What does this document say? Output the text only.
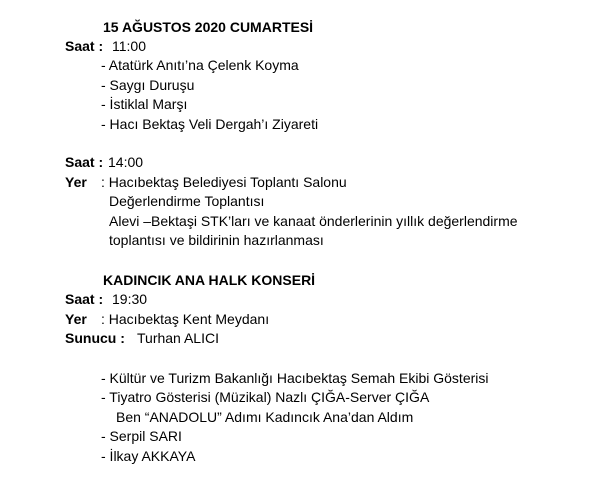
15 AĞUSTOS 2020 CUMARTESİ
Saat : 11:00
- Atatürk Anıtı’na Çelenk Koyma
- Saygı Duruşu
- İstiklal Marşı
- Hacı Bektaş Veli Dergah’ı Ziyareti
Saat : 14:00
Yer : Hacıbektaş Belediyesi Toplantı Salonu
Değerlendirme Toplantısı
Alevi –Bektaşi STK’ları ve kanaat önderlerinin yıllık değerlendirme
toplantısı ve bildirinin hazırlanması
KADINCIK ANA HALK KONSERİ
Saat : 19:30
Yer : Hacıbektaş Kent Meydanı
Sunucu : Turhan ALICI
- Kültür ve Turizm Bakanlığı Hacıbektaş Semah Ekibi Gösterisi
- Tiyatro Gösterisi (Müzikal) Nazlı ÇIĞA-Server ÇIĞA
Ben “ANADOLU” Adımı Kadıncık Ana’dan Aldım
- Serpil SARI
- İlkay AKKAYA
